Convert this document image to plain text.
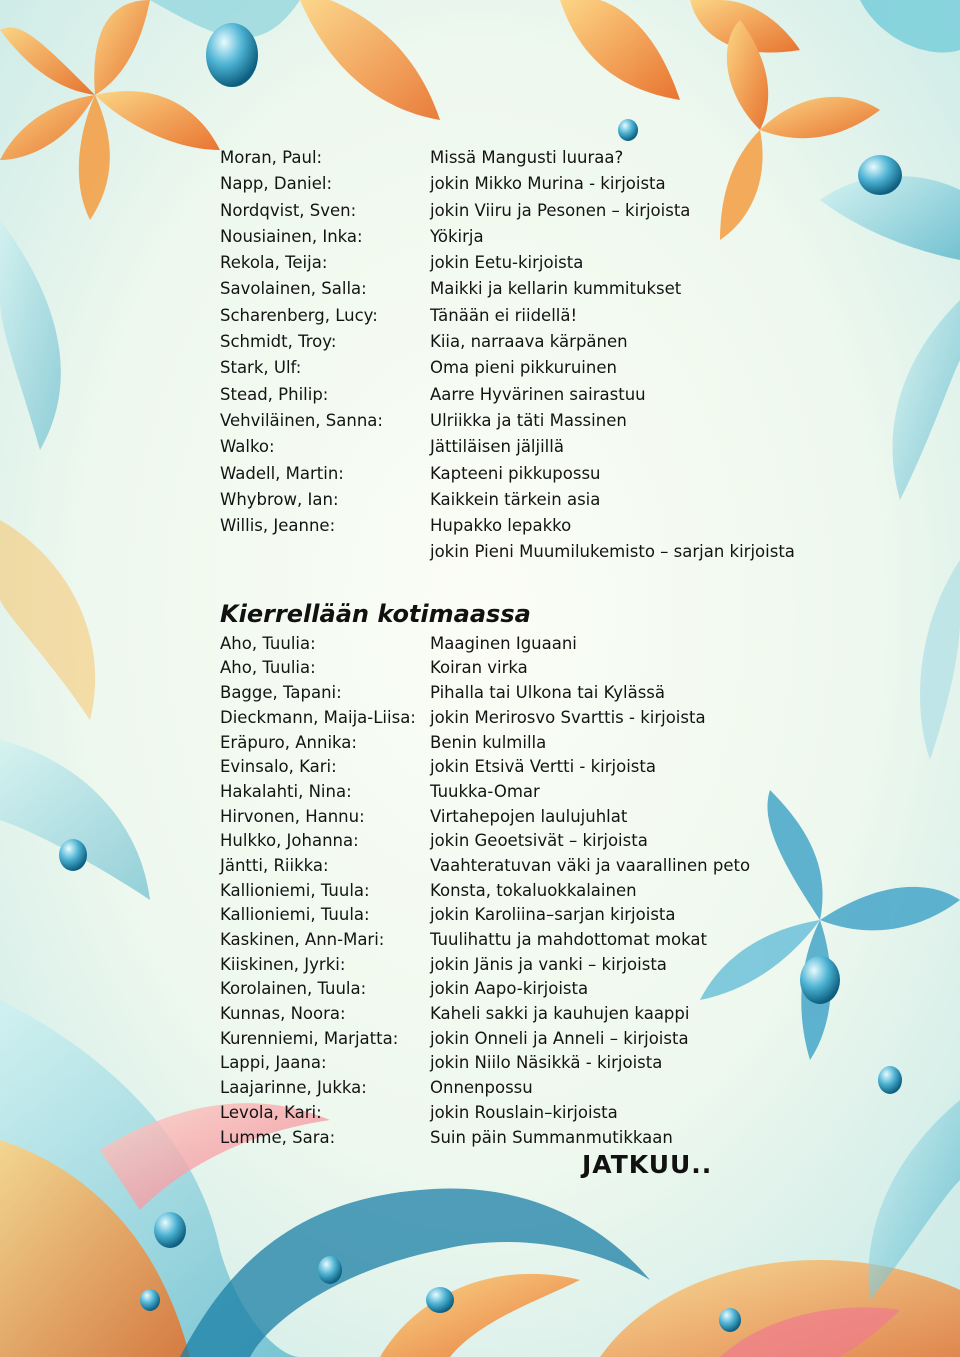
Moran, Paul:	Missä Mangusti luuraa?
Napp, Daniel:	jokin Mikko Murina - kirjoista
Nordqvist, Sven:	jokin Viiru ja Pesonen – kirjoista
Nousiainen, Inka:	Yökirja
Rekola, Teija:	jokin Eetu-kirjoista
Savolainen, Salla:	Maikki ja kellarin kummitukset
Scharenberg, Lucy:	Tänään ei riidellä!
Schmidt, Troy:	Kiia, narraava kärpänen
Stark, Ulf:	Oma pieni pikkuruinen
Stead, Philip:	Aarre Hyvärinen sairastuu
Vehviläinen, Sanna:	Ulriikka ja täti Massinen
Walko:	Jättiläisen jäljillä
Wadell, Martin:	Kapteeni pikkupossu
Whybrow, Ian:	Kaikkein tärkein asia
Willis, Jeanne:	Hupakko lepakko
jokin Pieni Muumilukemisto – sarjan kirjoista
Kierrellään kotimaassa
Aho, Tuulia:	Maaginen Iguaani
Aho, Tuulia:	Koiran virka
Bagge, Tapani:	Pihalla tai Ulkona tai Kylässä
Dieckmann, Maija-Liisa: jokin Merirosvo Svarttis - kirjoista
Eräpuro, Annika:	Benin kulmilla
Evinsalo, Kari:	jokin Etsivä Vertti - kirjoista
Hakalahti, Nina:	Tuukka-Omar
Hirvonen, Hannu:	Virtahepojen laulujuhlat
Hulkko, Johanna:	jokin Geoetsivät – kirjoista
Jäntti, Riikka:	Vaahteratuvan väki ja vaarallinen peto
Kallioniemi, Tuula:	Konsta, tokaluokkalainen
Kallioniemi, Tuula:	jokin Karoliina–sarjan kirjoista
Kaskinen, Ann-Mari:	Tuulihattu ja mahdottomat mokat
Kiiskinen, Jyrki:	jokin Jänis ja vanki – kirjoista
Korolainen, Tuula:	jokin Aapo-kirjoista
Kunnas, Noora:	Kaheli sakki ja kauhujen kaappi
Kurenniemi, Marjatta: jokin Onneli ja Anneli – kirjoista
Lappi, Jaana:	jokin Niilo Näsikkä - kirjoista
Laajarinne, Jukka:	Onnenpossu
Levola, Kari:	jokin Rouslain–kirjoista
Lumme, Sara:	Suin päin Summanmutikkaan
JATKUU..
